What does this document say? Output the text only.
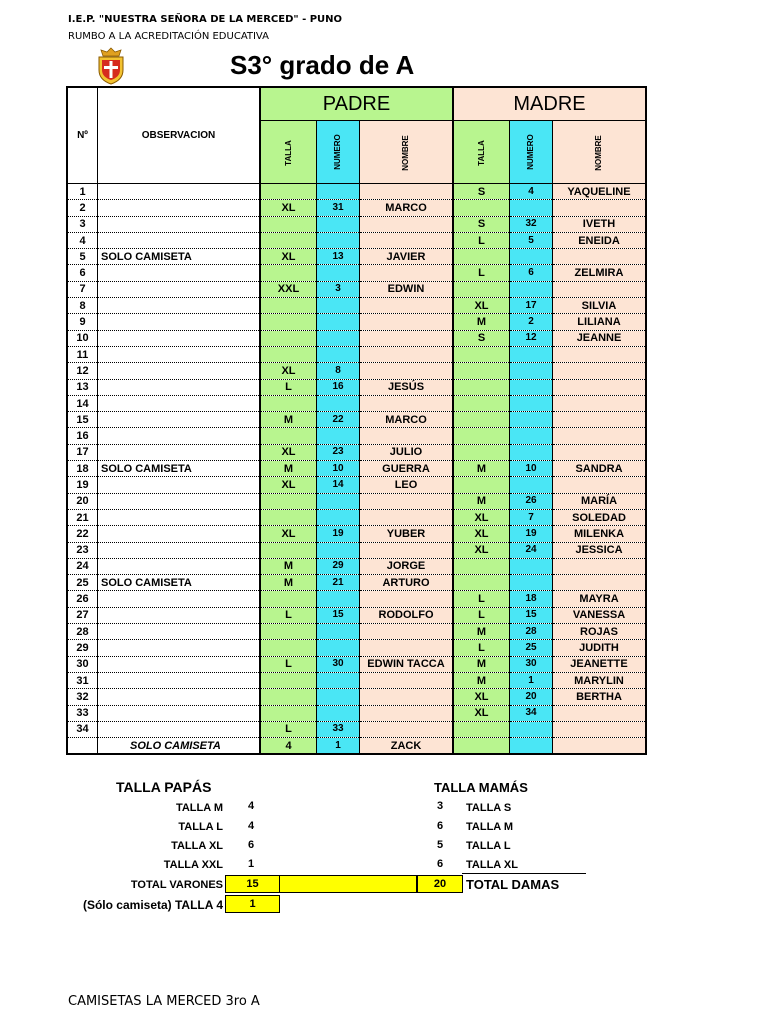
I.E.P. "NUESTRA SEÑORA DE LA MERCED" - PUNO
RUMBO A LA ACREDITACIÓN EDUCATIVA
S3° grado de A
Nº	OBSERVACION	PADRE			MADRE		
		TALLA	NUMERO	NOMBRE	TALLA	NUMERO	NOMBRE
1					S	4	YAQUELINE
2		XL	31	MARCO			
3					S	32	IVETH
4					L	5	ENEIDA
5	SOLO CAMISETA	XL	13	JAVIER			
6					L	6	ZELMIRA
7		XXL	3	EDWIN			
8					XL	17	SILVIA
9					M	2	LILIANA
10					S	12	JEANNE
11							
12		XL	8				
13		L	16	JESÚS			
14							
15		M	22	MARCO			
16							
17		XL	23	JULIO			
18	SOLO CAMISETA	M	10	GUERRA	M	10	SANDRA
19		XL	14	LEO			
20					M	26	MARÍA
21					XL	7	SOLEDAD
22		XL	19	YUBER	XL	19	MILENKA
23					XL	24	JESSICA
24		M	29	JORGE			
25	SOLO CAMISETA	M	21	ARTURO			
26					L	18	MAYRA
27		L	15	RODOLFO	L	15	VANESSA
28					M	28	ROJAS
29					L	25	JUDITH
30		L	30	EDWIN TACCA	M	30	JEANETTE
31					M	1	MARYLIN
32					XL	20	BERTHA
33					XL	34	
34		L	33				
	SOLO CAMISETA	4	1	ZACK			
TALLA PAPÁS
TALLA M 4
TALLA L 4
TALLA XL 6
TALLA XXL 1
TALLA MAMÁS
3 TALLA S
6 TALLA M
5 TALLA L
6 TALLA XL
TOTAL VARONES	15	20	TOTAL DAMAS
(Sólo camiseta) TALLA 4	1
CAMISETAS LA MERCED 3ro A
